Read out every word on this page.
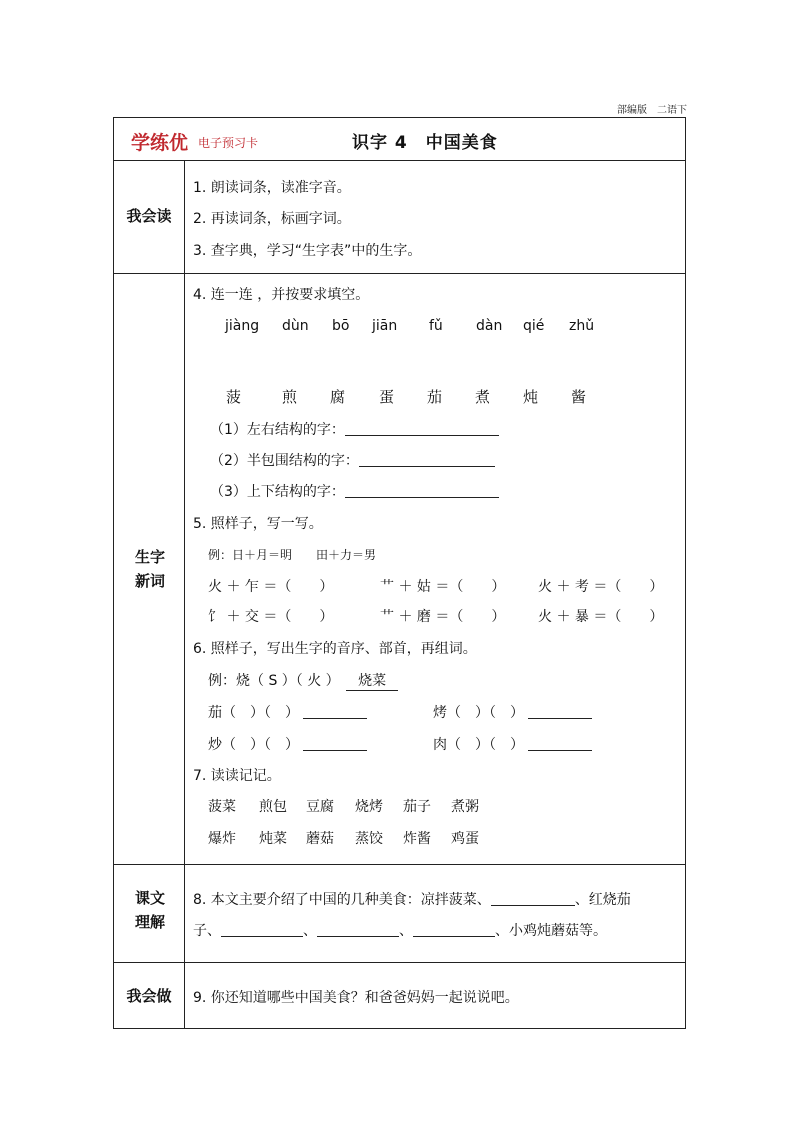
部编版　二语下
学练优 电子预习卡	识字 4　中国美食
我会读
1. 朗读词条，读准字音。
2. 再读词条，标画字词。
3. 查字典，学习“生字表”中的生字。
生字新词
4. 连一连 ，并按要求填空。
jiàng dùn bō jiān fǔ dàn qié zhǔ
菠	煎 腐 蛋 茄 煮 炖 酱
（1）左右结构的字：
（2）半包围结构的字：
（3）上下结构的字：
5. 照样子，写一写。
例：日＋月＝明　　田＋力＝男
火 ＋ 乍 ＝（　　）	艹 ＋ 姑 ＝（　　） 火 ＋ 考 ＝（　　）
饣 ＋ 交 ＝（　　）	艹 ＋ 磨 ＝（　　） 火 ＋ 暴 ＝（　　）
6. 照样子，写出生字的音序、部首，再组词。
例：烧（ S ）（ 火 ） 烧菜
茄（　）（　）	烤（　）（　）
炒（　）（　）	肉（　）（　）
7. 读读记记。
菠菜 煎包 豆腐 烧烤 茄子 煮粥
爆炸 炖菜 蘑菇 蒸饺 炸酱 鸡蛋
课文理解
8. 本文主要介绍了中国的几种美食：凉拌菠菜、	、红烧茄
子、	、	、	、小鸡炖蘑菇等。
我会做	9. 你还知道哪些中国美食？和爸爸妈妈一起说说吧。
